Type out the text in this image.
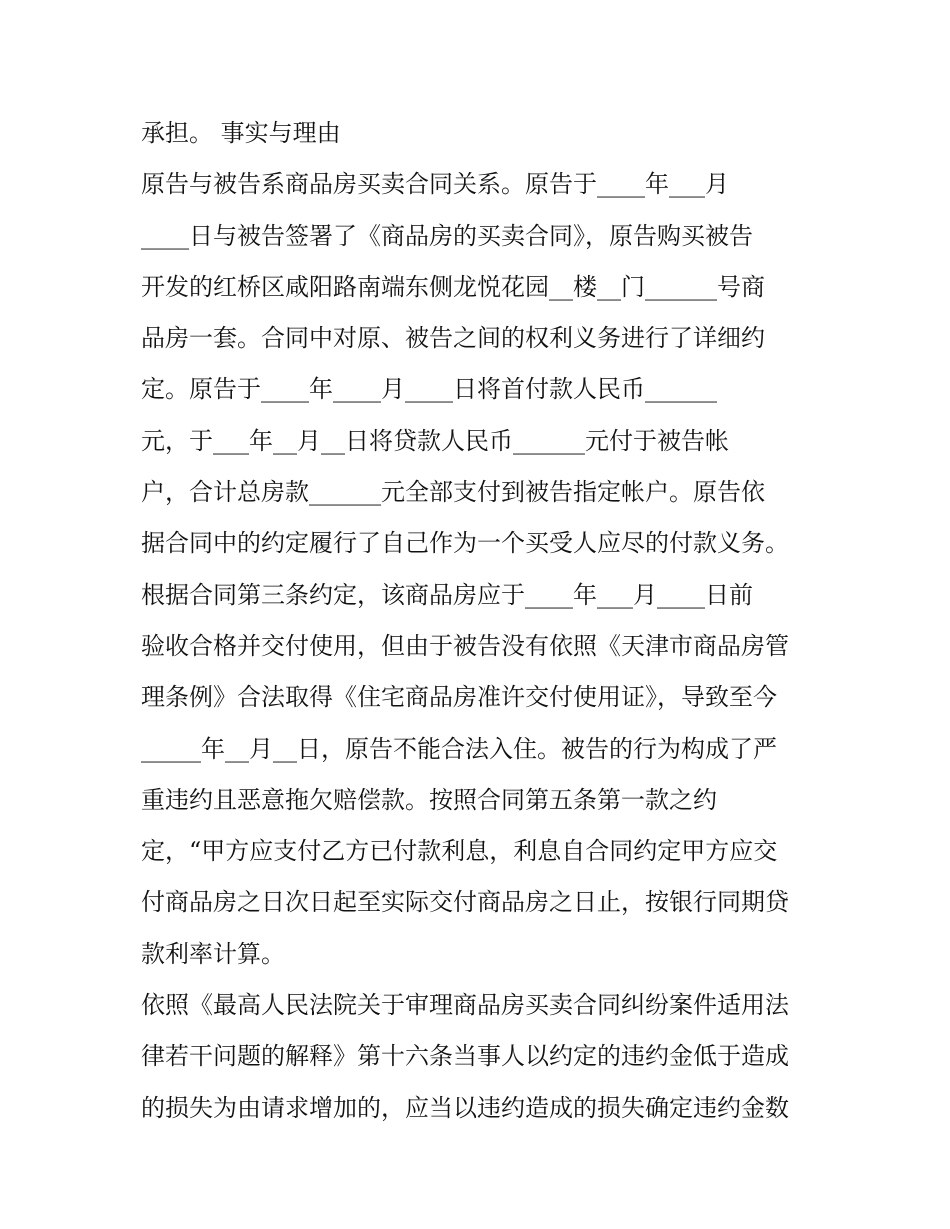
承担。 事实与理由
原告与被告系商品房买卖合同关系。原告于____年___月
____日与被告签署了《商品房的买卖合同》，原告购买被告
开发的红桥区咸阳路南端东侧龙悦花园__楼__门______号商
品房一套。合同中对原、被告之间的权利义务进行了详细约
定。原告于____年____月____日将首付款人民币______
元，于___年__月__日将贷款人民币______元付于被告帐
户，合计总房款______元全部支付到被告指定帐户。原告依
据合同中的约定履行了自己作为一个买受人应尽的付款义务。
根据合同第三条约定，该商品房应于____年___月____日前
验收合格并交付使用，但由于被告没有依照《天津市商品房管
理条例》合法取得《住宅商品房准许交付使用证》，导致至今
_____年__月__日，原告不能合法入住。被告的行为构成了严
重违约且恶意拖欠赔偿款。按照合同第五条第一款之约
定，“甲方应支付乙方已付款利息，利息自合同约定甲方应交
付商品房之日次日起至实际交付商品房之日止，按银行同期贷
款利率计算。
依照《最高人民法院关于审理商品房买卖合同纠纷案件适用法
律若干问题的解释》第十六条当事人以约定的违约金低于造成
的损失为由请求增加的，应当以违约造成的损失确定违约金数
